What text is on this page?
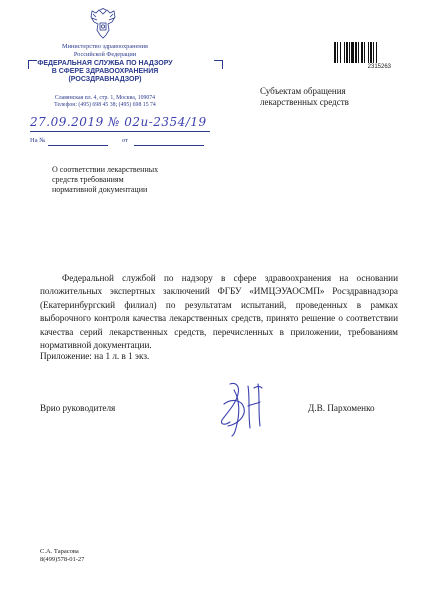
Министерство здравоохранения
Российской Федерации
ФЕДЕРАЛЬНАЯ СЛУЖБА ПО НАДЗОРУ
В СФЕРЕ ЗДРАВООХРАНЕНИЯ
(РОСЗДРАВНАДЗОР)
Славянская пл. 4, стр. 1, Москва, 109074
Телефон: (495) 698 45 38; (495) 698 15 74
2315263
Субъектам обращения
лекарственных средств
27.09.2019 № 02и-2354/19
На №	от
О соответствии лекарственных
средств требованиям
нормативной документации
Федеральной службой по надзору в сфере здравоохранения на основании положительных экспертных заключений ФГБУ «ИМЦЭУАОСМП» Росздравнадзора (Екатеринбургский филиал) по результатам испытаний, проведенных в рамках выборочного контроля качества лекарственных средств, принято решение о соответствии качества серий лекарственных средств, перечисленных в приложении, требованиям нормативной документации.
Приложение: на 1 л. в 1 экз.
Врио руководителя	Д.В. Пархоменко
С.А. Тарасова
8(499)578-01-27
